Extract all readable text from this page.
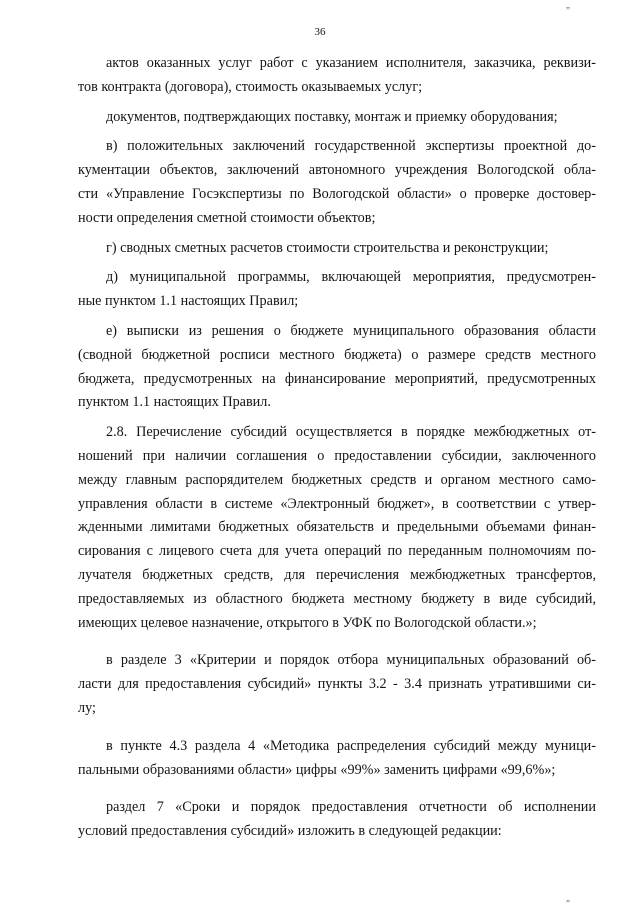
36
„
актов оказанных услуг работ с указанием исполнителя, заказчика, реквизи-
тов контракта (договора), стоимость оказываемых услуг;
документов, подтверждающих поставку, монтаж и приемку оборудования;
в) положительных заключений государственной экспертизы проектной до-
кументации объектов, заключений автономного учреждения Вологодской обла-
сти «Управление Госэкспертизы по Вологодской области» о проверке достовер-
ности определения сметной стоимости объектов;
г) сводных сметных расчетов стоимости строительства и реконструкции;
д) муниципальной программы, включающей мероприятия, предусмотрен-
ные пунктом 1.1 настоящих Правил;
е) выписки из решения о бюджете муниципального образования области
(сводной бюджетной росписи местного бюджета) о размере средств местного
бюджета, предусмотренных на финансирование мероприятий, предусмотренных
пунктом 1.1 настоящих Правил.
2.8. Перечисление субсидий осуществляется в порядке межбюджетных от-
ношений при наличии соглашения о предоставлении субсидии, заключенного
между главным распорядителем бюджетных средств и органом местного само-
управления области в системе «Электронный бюджет», в соответствии с утвер-
жденными лимитами бюджетных обязательств и предельными объемами финан-
сирования с лицевого счета для учета операций по переданным полномочиям по-
лучателя бюджетных средств, для перечисления межбюджетных трансфертов,
предоставляемых из областного бюджета местному бюджету в виде субсидий,
имеющих целевое назначение, открытого в УФК по Вологодской области.»;
в разделе 3 «Критерии и порядок отбора муниципальных образований об-
ласти для предоставления субсидий» пункты 3.2 - 3.4 признать утратившими си-
лу;
в пункте 4.3 раздела 4 «Методика распределения субсидий между муници-
пальными образованиями области» цифры «99%» заменить цифрами «99,6%»;
раздел 7 «Сроки и порядок предоставления отчетности об исполнении
условий предоставления субсидий» изложить в следующей редакции:
„
